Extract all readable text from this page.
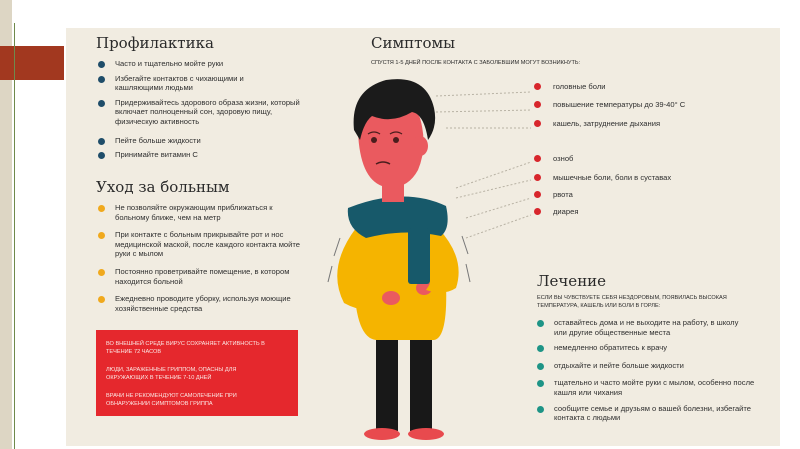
Профилактика
Часто и тщательно мойте руки
Избегайте контактов с чихающими и кашляющими людьми
Придерживайтесь здорового образа жизни, который включает полноценный сон, здоровую пищу, физическую активность
Пейте больше жидкости
Принимайте витамин С
Уход за больным
Не позволяйте окружающим приближаться к больному ближе, чем на метр
При контакте с больным прикрывайте рот и нос медицинской маской, после каждого контакта мойте руки с мылом
Постоянно проветривайте помещение, в котором находится больной
Ежедневно проводите уборку, используя моющие хозяйственные средства

ВО ВНЕШНЕЙ СРЕДЕ ВИРУС СОХРАНЯЕТ АКТИВНОСТЬ В ТЕЧЕНИЕ 72 ЧАСОВ

ЛЮДИ, ЗАРАЖЕННЫЕ ГРИППОМ, ОПАСНЫ ДЛЯ ОКРУЖАЮЩИХ В ТЕЧЕНИЕ 7-10 ДНЕЙ

ВРАЧИ НЕ РЕКОМЕНДУЮТ САМОЛЕЧЕНИЕ ПРИ ОБНАРУЖЕНИИ СИМПТОМОВ ГРИППА

Симптомы
СПУСТЯ 1-5 ДНЕЙ ПОСЛЕ КОНТАКТА С ЗАБОЛЕВШИМ МОГУТ ВОЗНИКНУТЬ:
головные боли
повышение температуры до 39-40° С
кашель, затруднение дыхания
озноб
мышечные боли, боли в суставах
рвота
диарея
Лечение
ЕСЛИ ВЫ ЧУВСТВУЕТЕ СЕБЯ НЕЗДОРОВЫМ, ПОЯВИЛАСЬ ВЫСОКАЯ ТЕМПЕРАТУРА, КАШЕЛЬ ИЛИ БОЛИ В ГОРЛЕ:
оставайтесь дома и не выходите на работу, в школу или другие общественные места
немедленно обратитесь к врачу
отдыхайте и пейте больше жидкости
тщательно и часто мойте руки с мылом, особенно после кашля или чихания
сообщите семье и друзьям о вашей болезни, избегайте контакта с людьми
